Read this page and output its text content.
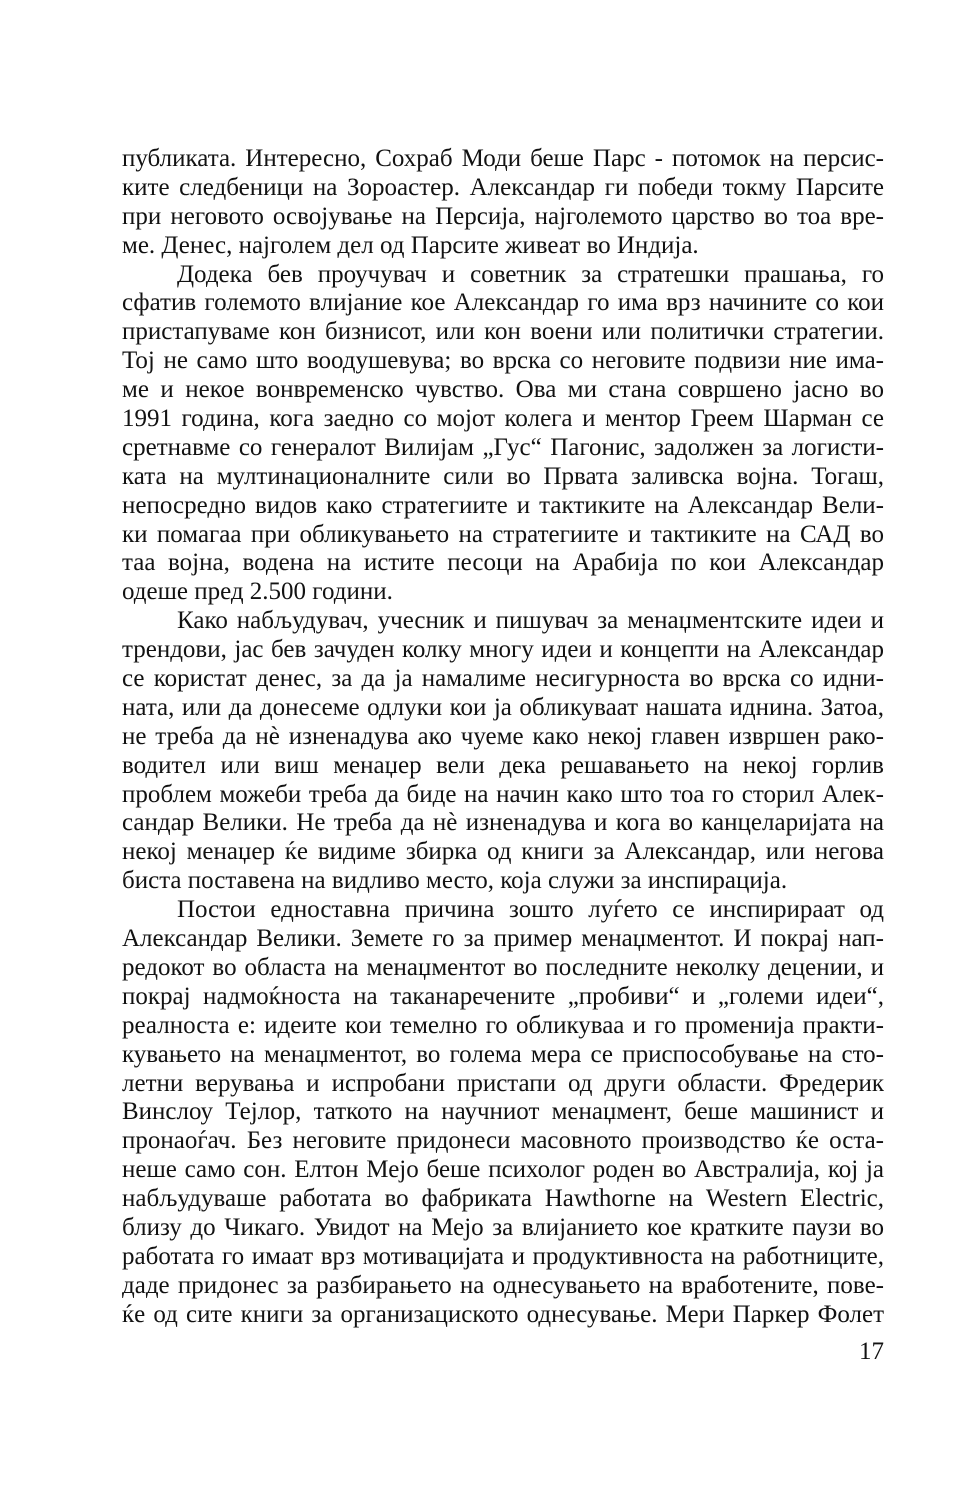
публиката. Интересно, Сохраб Моди беше Парс - потомок на персис-
ките следбеници на Зороастер. Александар ги победи токму Парсите
при неговото освојување на Персија, најголемото царство во тоа вре-
ме. Денес, најголем дел од Парсите живеат во Индија.
Додека бев проучувач и советник за стратешки прашања, го
сфатив големото влијание кое Александар го има врз начините со кои
пристапуваме кон бизнисот, или кон воени или политички стратегии.
Тој не само што воодушевува; во врска со неговите подвизи ние има-
ме и некое вонвременско чувство. Ова ми стана совршено јасно во
1991 година, кога заедно со мојот колега и ментор Греем Шарман се
сретнавме со генералот Вилијам „Гус“ Пагонис, задолжен за логисти-
ката на мултинационалните сили во Првата заливска војна. Тогаш,
непосредно видов како стратегиите и тактиките на Александар Вели-
ки помагаа при обликувањето на стратегиите и тактиките на САД во
таа војна, водена на истите песоци на Арабија по кои Александар
одеше пред 2.500 години.
Како набљудувач, учесник и пишувач за менаџментските идеи и
трендови, јас бев зачуден колку многу идеи и концепти на Александар
се користат денес, за да ја намалиме несигурноста во врска со идни-
ната, или да донесеме одлуки кои ја обликуваат нашата иднина. Затоа,
не треба да нѐ изненадува ако чуеме како некој главен извршен рако-
водител или виш менаџер вели дека решавањето на некој горлив
проблем можеби треба да биде на начин како што тоа го сторил Алек-
сандар Велики. Не треба да нѐ изненадува и кога во канцеларијата на
некој менаџер ќе видиме збирка од книги за Александар, или негова
биста поставена на видливо место, која служи за инспирација.
Постои едноставна причина зошто луѓето се инспирираат од
Александар Велики. Земете го за пример менаџментот. И покрај нап-
редокот во областа на менаџментот во последните неколку децении, и
покрај надмоќноста на таканаречените „пробиви“ и „големи идеи“,
реалноста е: идеите кои темелно го обликуваа и го променија практи-
кувањето на менаџментот, во голема мера се приспособување на сто-
летни верувања и испробани пристапи од други области. Фредерик
Винслоу Тејлор, таткото на научниот менаџмент, беше машинист и
пронаоѓач. Без неговите придонеси масовното производство ќе оста-
неше само сон. Елтон Мејо беше психолог роден во Австралија, кој ја
набљудуваше работата во фабриката Hawthorne на Western Electric,
близу до Чикаго. Увидот на Мејо за влијанието кое кратките паузи во
работата го имаат врз мотивацијата и продуктивноста на работниците,
даде придонес за разбирањето на однесувањето на вработените, пове-
ќе од сите книги за организациското однесување. Мери Паркер Фолет
17
